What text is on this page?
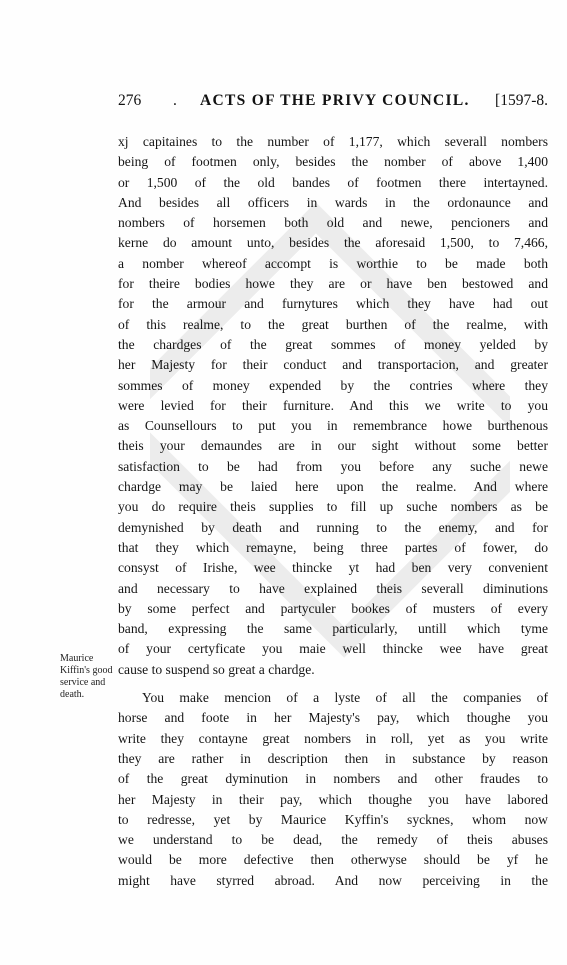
276 . ACTS OF THE PRIVY COUNCIL. [1597-8.
xj capitaines to the number of 1,177, which severall nombers
being of footmen only, besides the nomber of above 1,400
or 1,500 of the old bandes of footmen there intertayned.
And besides all officers in wards in the ordonaunce and
nombers of horsemen both old and newe, pencioners and
kerne do amount unto, besides the aforesaid 1,500, to 7,466,
a nomber whereof accompt is worthie to be made both
for theire bodies howe they are or have ben bestowed and
for the armour and furnytures which they have had out
of this realme, to the great burthen of the realme, with
the chardges of the great sommes of money yelded by
her Majesty for their conduct and transportacion, and greater
sommes of money expended by the contries where they
were levied for their furniture. And this we write to you
as Counsellours to put you in remembrance howe burthenous
theis your demaundes are in our sight without some better
satisfaction to be had from you before any suche newe
chardge may be laied here upon the realme. And where
you do require theis supplies to fill up suche nombers as be
demynished by death and running to the enemy, and for
that they which remayne, being three partes of fower, do
consyst of Irishe, wee thincke yt had ben very convenient
and necessary to have explained theis severall diminutions
by some perfect and partyculer bookes of musters of every
band, expressing the same particularly, untill which tyme
of your certyficate you maie well thincke wee have great
cause to suspend so great a chardge.
You make mencion of a lyste of all the companies of
horse and foote in her Majesty's pay, which thoughe you
write they contayne great nombers in roll, yet as you write
they are rather in description then in substance by reason
of the great dyminution in nombers and other fraudes to
her Majesty in their pay, which thoughe you have labored
to redresse, yet by Maurice Kyffin's sycknes, whom now
we understand to be dead, the remedy of theis abuses
would be more defective then otherwyse should be yf he
might have styrred abroad. And now perceiving in the
Maurice
Kiffin's good
service and
death.
